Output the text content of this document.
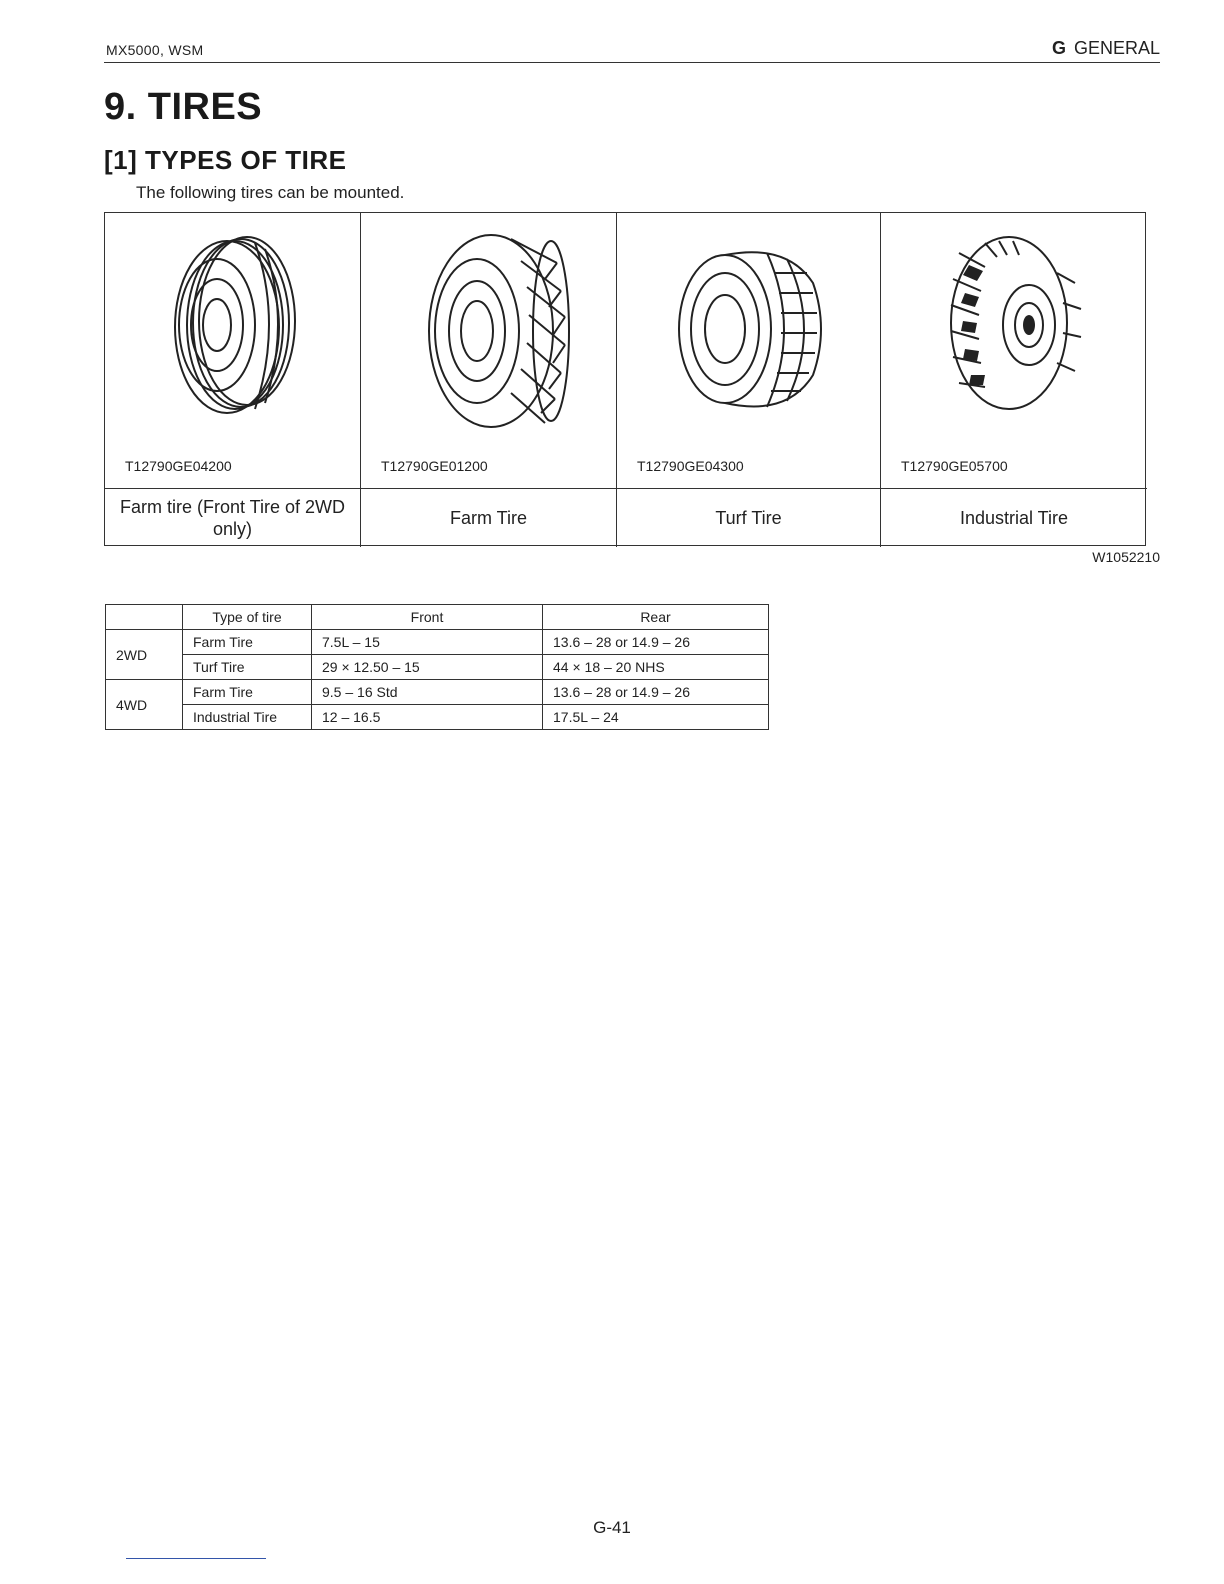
MX5000, WSM	G GENERAL
9. TIRES
[1] TYPES OF TIRE
The following tires can be mounted.
T12790GE04200	T12790GE01200	T12790GE04300	T12790GE05700
Farm tire (Front Tire of 2WD only)
Farm Tire	Turf Tire	Industrial Tire
W1052210
	Type of tire	Front	Rear
2WD	Farm Tire	7.5L – 15	13.6 – 28 or 14.9 – 26
	Turf Tire	29 × 12.50 – 15	44 × 18 – 20 NHS
4WD	Farm Tire	9.5 – 16 Std	13.6 – 28 or 14.9 – 26
	Industrial Tire	12 – 16.5	17.5L – 24
G-41
